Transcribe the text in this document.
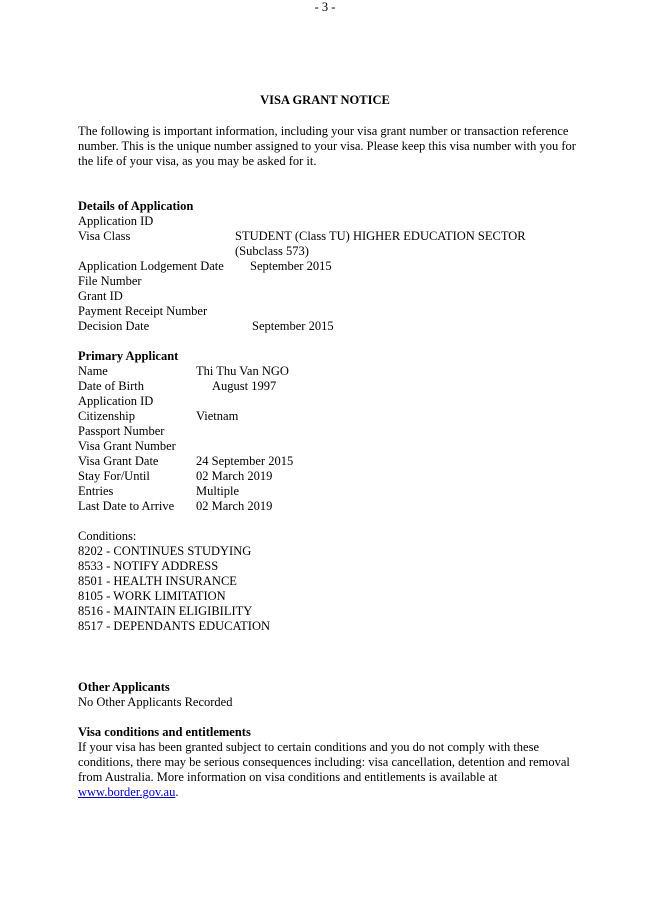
- 3 -
VISA GRANT NOTICE
The following is important information, including your visa grant number or transaction reference number. This is the unique number assigned to your visa. Please keep this visa number with you for the life of your visa, as you may be asked for it.
Details of Application
Application ID
Visa Class	STUDENT (Class TU) HIGHER EDUCATION SECTOR
(Subclass 573)
Application Lodgement Date September 2015
File Number
Grant ID
Payment Receipt Number
Decision Date	September 2015
Primary Applicant
Name	Thi Thu Van NGO
Date of Birth	August 1997
Application ID
Citizenship	Vietnam
Passport Number
Visa Grant Number
Visa Grant Date	24 September 2015
Stay For/Until	02 March 2019
Entries	Multiple
Last Date to Arrive 02 March 2019
Conditions:
8202 - CONTINUES STUDYING
8533 - NOTIFY ADDRESS
8501 - HEALTH INSURANCE
8105 - WORK LIMITATION
8516 - MAINTAIN ELIGIBILITY
8517 - DEPENDANTS EDUCATION
Other Applicants
No Other Applicants Recorded
Visa conditions and entitlements
If your visa has been granted subject to certain conditions and you do not comply with these conditions, there may be serious consequences including: visa cancellation, detention and removal from Australia. More information on visa conditions and entitlements is available at www.border.gov.au.
